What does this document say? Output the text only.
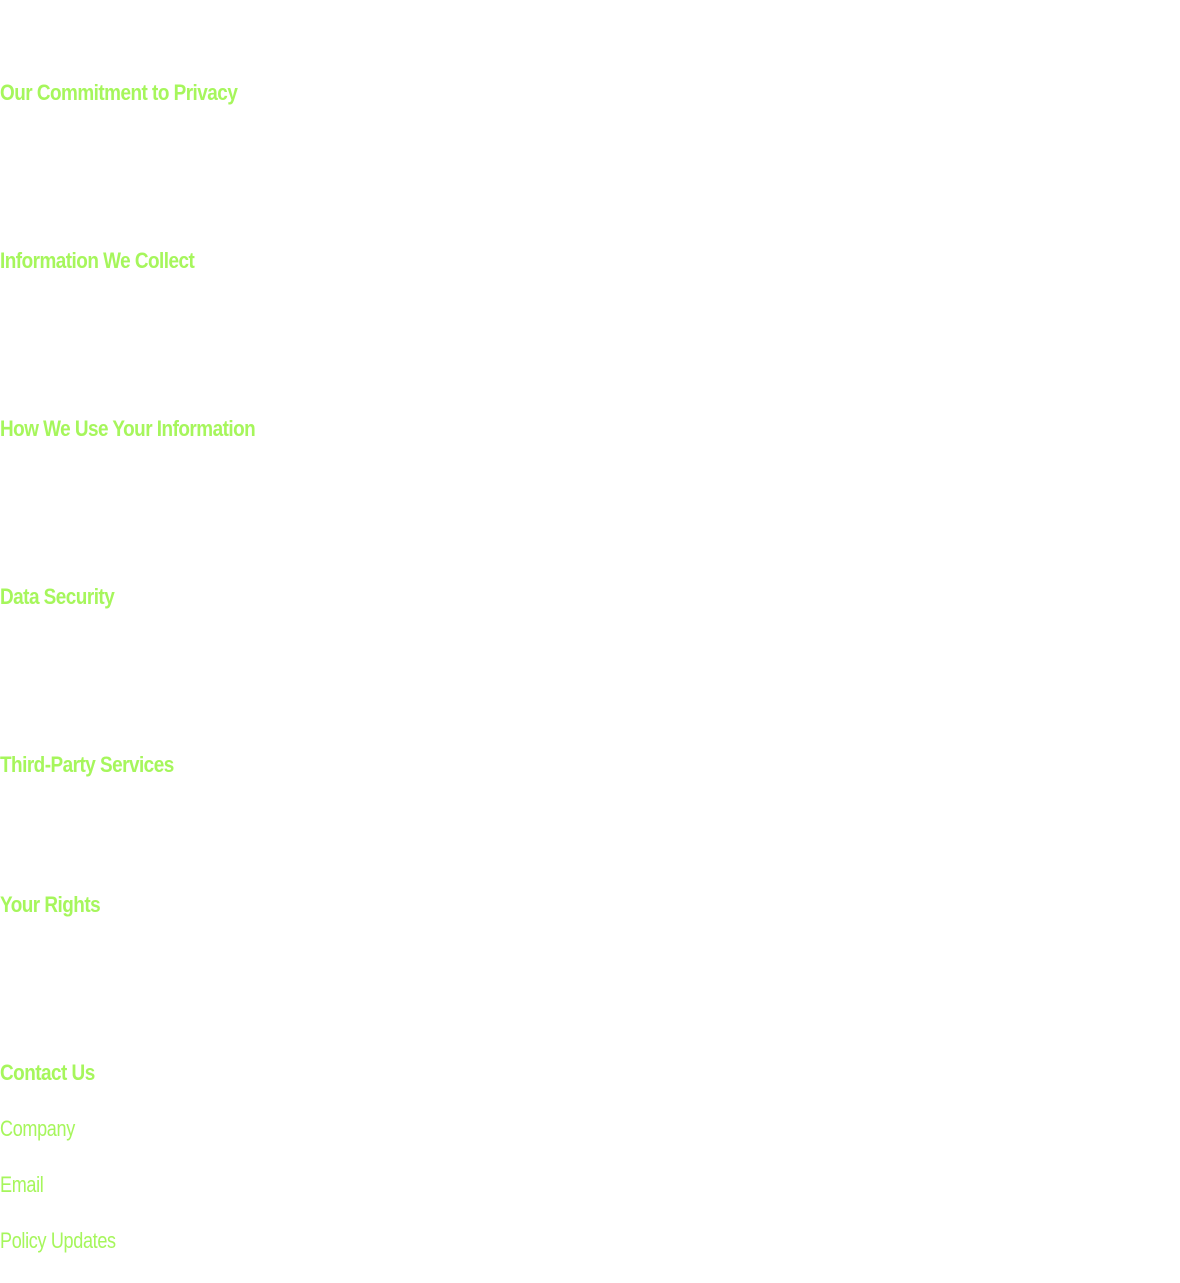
Our Commitment to Privacy
Information We Collect
How We Use Your Information
Data Security
Third-Party Services
Your Rights
Contact Us
Company
Email
Policy Updates
